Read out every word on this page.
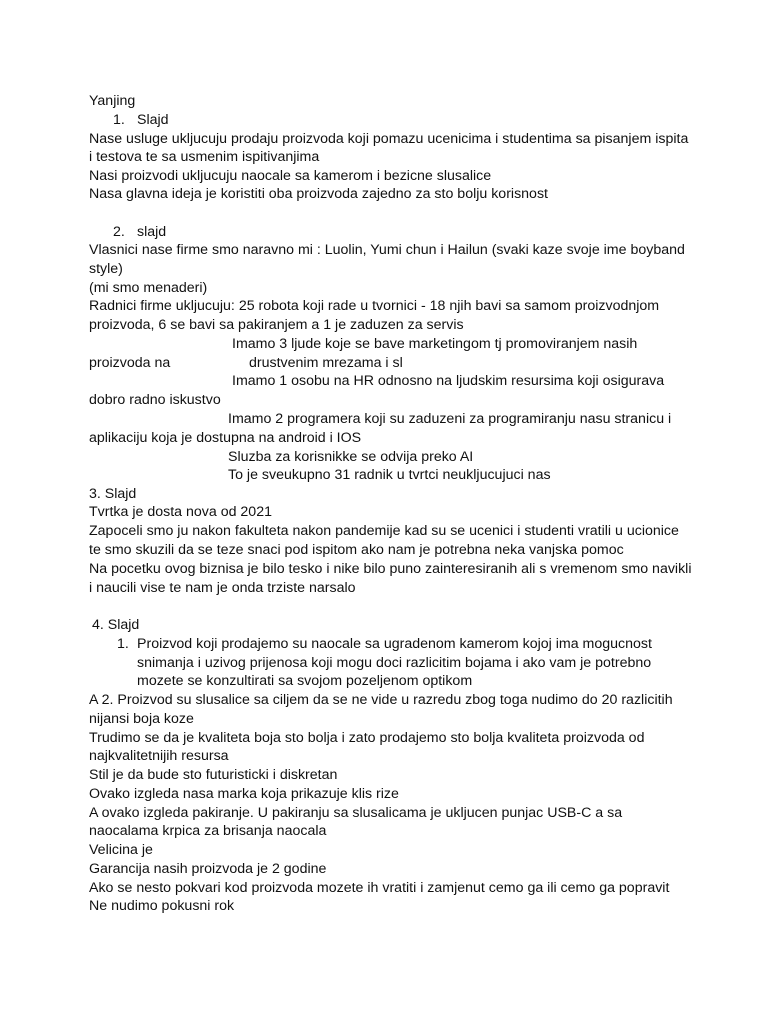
Yanjing
1. Slajd
Nase usluge ukljucuju prodaju proizvoda koji pomazu ucenicima i studentima sa pisanjem ispita
i testova te sa usmenim ispitivanjima
Nasi proizvodi ukljucuju naocale sa kamerom i bezicne slusalice
Nasa glavna ideja je koristiti oba proizvoda zajedno za sto bolju korisnost
2. slajd
Vlasnici nase firme smo naravno mi : Luolin, Yumi chun i Hailun (svaki kaze svoje ime boyband
style)
(mi smo menaderi)
Radnici firme ukljucuju: 25 robota koji rade u tvornici - 18 njih bavi sa samom proizvodnjom
proizvoda, 6 se bavi sa pakiranjem a 1 je zaduzen za servis
Imamo 3 ljude koje se bave marketingom tj promoviranjem nasih
proizvoda na	drustvenim mrezama i sl
Imamo 1 osobu na HR odnosno na ljudskim resursima koji osigurava
dobro radno iskustvo
Imamo 2 programera koji su zaduzeni za programiranju nasu stranicu i
aplikaciju koja je dostupna na android i IOS
Sluzba za korisnikke se odvija preko AI
To je sveukupno 31 radnik u tvrtci neukljucujuci nas
3. Slajd
Tvrtka je dosta nova od 2021
Zapoceli smo ju nakon fakulteta nakon pandemije kad su se ucenici i studenti vratili u ucionice
te smo skuzili da se teze snaci pod ispitom ako nam je potrebna neka vanjska pomoc
Na pocetku ovog biznisa je bilo tesko i nike bilo puno zainteresiranih ali s vremenom smo navikli
i naucili vise te nam je onda trziste narsalo
4. Slajd
1. Proizvod koji prodajemo su naocale sa ugradenom kamerom kojoj ima mogucnost
snimanja i uzivog prijenosa koji mogu doci razlicitim bojama i ako vam je potrebno
mozete se konzultirati sa svojom pozeljenom optikom
A 2. Proizvod su slusalice sa ciljem da se ne vide u razredu zbog toga nudimo do 20 razlicitih
nijansi boja koze
Trudimo se da je kvaliteta boja sto bolja i zato prodajemo sto bolja kvaliteta proizvoda od
najkvalitetnijih resursa
Stil je da bude sto futuristicki i diskretan
Ovako izgleda nasa marka koja prikazuje klis rize
A ovako izgleda pakiranje. U pakiranju sa slusalicama je ukljucen punjac USB-C a sa
naocalama krpica za brisanja naocala
Velicina je
Garancija nasih proizvoda je 2 godine
Ako se nesto pokvari kod proizvoda mozete ih vratiti i zamjenut cemo ga ili cemo ga popravit
Ne nudimo pokusni rok
